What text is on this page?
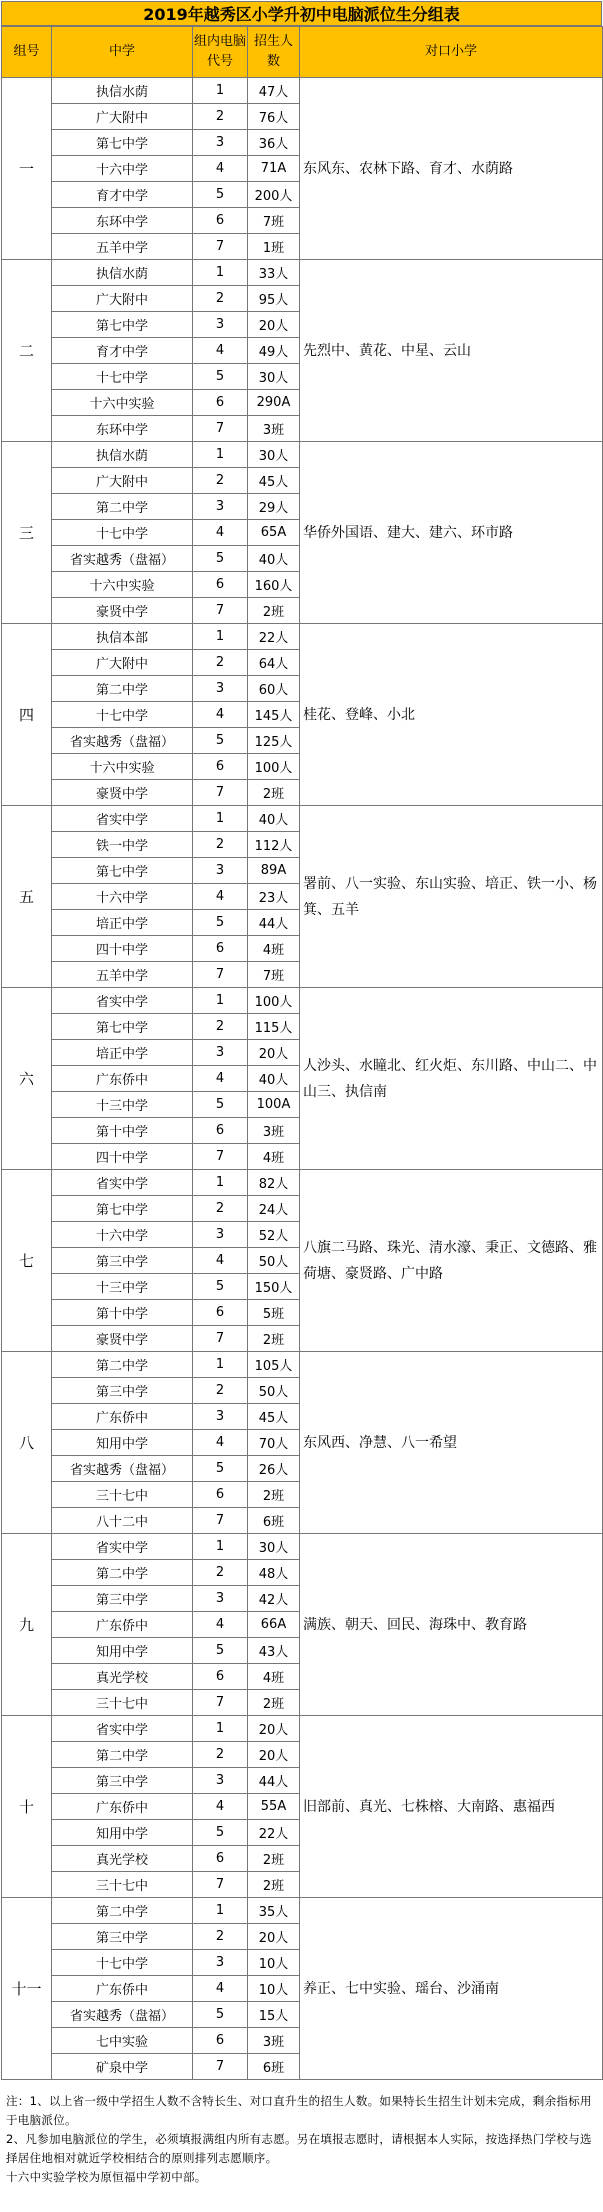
2019年越秀区小学升初中电脑派位生分组表
组号	中学	组内电脑代号	招生人数	对口小学
一	执信水荫	1	47人	东风东、农林下路、育才、水荫路
	广大附中	2	76人	
	第七中学	3	36人	
	十六中学	4	71A	
	育才中学	5	200人	
	东环中学	6	7班	
	五羊中学	7	1班	
二	执信水荫	1	33人	先烈中、黄花、中星、云山
	广大附中	2	95人	
	第七中学	3	20人	
	育才中学	4	49人	
	十七中学	5	30人	
	十六中实验	6	290A	
	东环中学	7	3班	
三	执信水荫	1	30人	华侨外国语、建大、建六、环市路
	广大附中	2	45人	
	第二中学	3	29人	
	十七中学	4	65A	
	省实越秀（盘福）	5	40人	
	十六中实验	6	160人	
	豪贤中学	7	2班	
四	执信本部	1	22人	桂花、登峰、小北
	广大附中	2	64人	
	第二中学	3	60人	
	十七中学	4	145人	
	省实越秀（盘福）	5	125人	
	十六中实验	6	100人	
	豪贤中学	7	2班	
五	省实中学	1	40人	署前、八一实验、东山实验、培正、铁一小、杨箕、五羊
	铁一中学	2	112人	
	第七中学	3	89A	
	十六中学	4	23人	
	培正中学	5	44人	
	四十中学	6	4班	
	五羊中学	7	7班	
六	省实中学	1	100人	人沙头、水瞳北、红火炬、东川路、中山二、中山三、执信南
	第七中学	2	115人	
	培正中学	3	20人	
	广东侨中	4	40人	
	十三中学	5	100A	
	第十中学	6	3班	
	四十中学	7	4班	
七	省实中学	1	82人	八旗二马路、珠光、清水濠、秉正、文德路、雅荷塘、豪贤路、广中路
	第七中学	2	24人	
	十六中学	3	52人	
	第三中学	4	50人	
	十三中学	5	150人	
	第十中学	6	5班	
	豪贤中学	7	2班	
八	第二中学	1	105人	东风西、净慧、八一希望
	第三中学	2	50人	
	广东侨中	3	45人	
	知用中学	4	70人	
	省实越秀（盘福）	5	26人	
	三十七中	6	2班	
	八十二中	7	6班	
九	省实中学	1	30人	满族、朝天、回民、海珠中、教育路
	第二中学	2	48人	
	第三中学	3	42人	
	广东侨中	4	66A	
	知用中学	5	43人	
	真光学校	6	4班	
	三十七中	7	2班	
十	省实中学	1	20人	旧部前、真光、七株榕、大南路、惠福西
	第二中学	2	20人	
	第三中学	3	44人	
	广东侨中	4	55A	
	知用中学	5	22人	
	真光学校	6	2班	
	三十七中	7	2班	
十一	第二中学	1	35人	养正、七中实验、瑶台、沙涌南
	第三中学	2	20人	
	十七中学	3	10人	
	广东侨中	4	10人	
	省实越秀（盘福）	5	15人	
	七中实验	6	3班	
	矿泉中学	7	6班	

注：1、以上省一级中学招生人数不含特长生、对口直升生的招生人数。如果特长生招生计划未完成，剩余指标用于电脑派位。

2、凡参加电脑派位的学生，必须填报满组内所有志愿。另在填报志愿时，请根据本人实际，按选择热门学校与选择居住地相对就近学校相结合的原则排列志愿顺序。

十六中实验学校为原恒福中学初中部。
